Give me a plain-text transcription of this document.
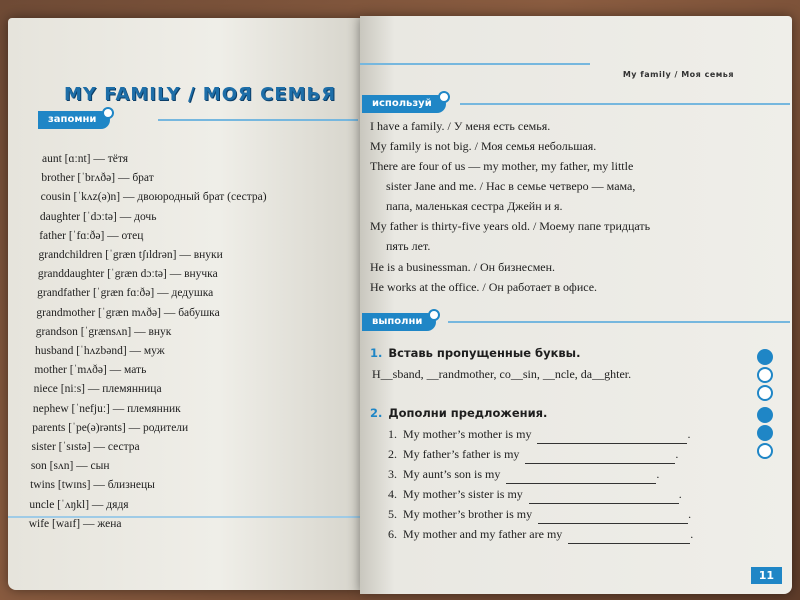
MY FAMILY / МОЯ СЕМЬЯ
запомни
aunt [ɑːnt] — тётя
brother [ˈbrʌðə] — брат
cousin [ˈkʌz(ə)n] — двоюродный брат (сестра)
daughter [ˈdɔːtə] — дочь
father [ˈfɑːðə] — отец
grandchildren [ˈgræn tʃɪldrən] — внуки
granddaughter [ˈgræn dɔːtə] — внучка
grandfather [ˈgræn fɑːðə] — дедушка
grandmother [ˈgræn mʌðə] — бабушка
grandson [ˈgrænsʌn] — внук
husband [ˈhʌzbənd] — муж
mother [ˈmʌðə] — мать
niece [niːs] — племянница
nephew [ˈnefjuː] — племянник
parents [ˈpe(ə)rənts] — родители
sister [ˈsɪstə] — сестра
son [sʌn] — сын
twins [twɪns] — близнецы
uncle [ˈʌŋkl] — дядя
wife [waɪf] — жена
My family / Моя семья
используй
I have a family. / У меня есть семья.
My family is not big. / Моя семья небольшая.
There are four of us — my mother, my father, my little
sister Jane and me. / Нас в семье четверо — мама,
папа, маленькая сестра Джейн и я.
My father is thirty-five years old. / Моему папе тридцать
пять лет.
He is a businessman. / Он бизнесмен.
He works at the office. / Он работает в офисе.
выполни
1. Вставь пропущенные буквы.
H__sband, __randmother, co__sin, __ncle, da__ghter.
2. Дополни предложения.
1. My mother’s mother is my	.
2. My father’s father is my	.
3. My aunt’s son is my	.
4. My mother’s sister is my	.
5. My mother’s brother is my	.
6. My mother and my father are my	.
11
